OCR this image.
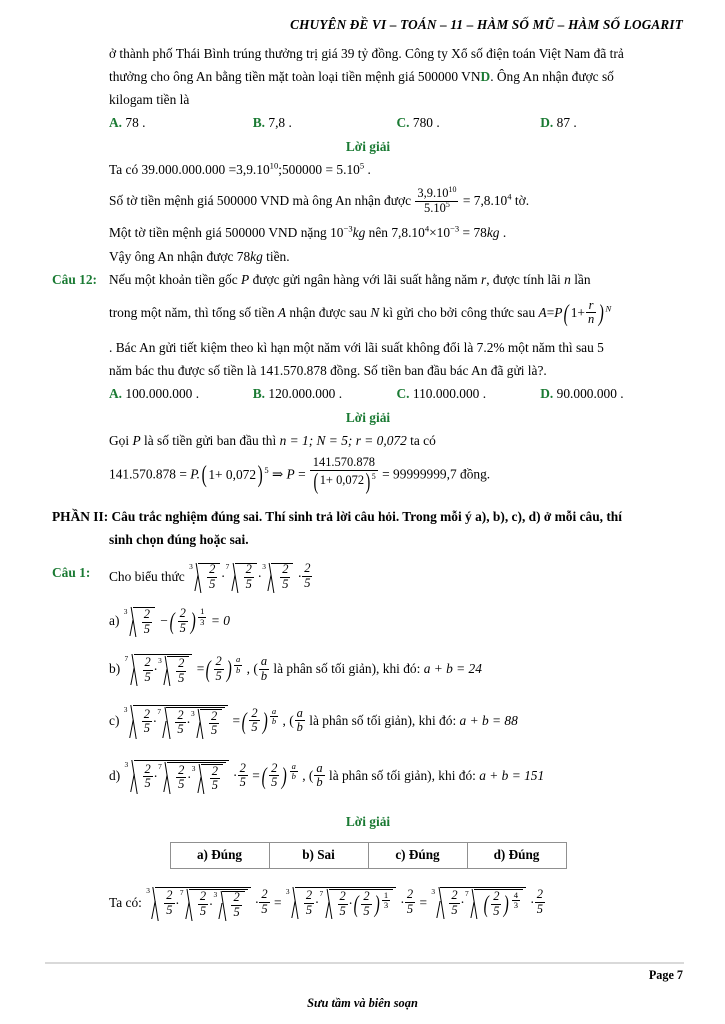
CHUYÊN ĐỀ VI – TOÁN – 11 – HÀM SỐ MŨ – HÀM SỐ LOGARIT
ở thành phố Thái Bình trúng thưởng trị giá 39 tỷ đồng. Công ty Xổ số điện toán Việt Nam đã trả
thưởng cho ông An bằng tiền mặt toàn loại tiền mệnh giá 500000 VND. Ông An nhận được số
kilogam tiền là
A. 78 .	B. 7,8 .	C. 780 .	D. 87 .
Lời giải
Ta có $39.000.000.000 =3,9.10^{10};500000 = 5.10^5$ .
Số tờ tiền mệnh giá 500000 VND mà ông An nhận được $\frac{3,9.10^{10}}{5.10^5} = 7,8.10^4$ tờ.
Một tờ tiền mệnh giá 500000 VND nặng $10^{-3}kg$ nên $7,8.10^4\times 10^{-3} = 78kg$ .
Vậy ông An nhận được 78kg tiền.
Câu 12: Nếu một khoản tiền gốc P được gửi ngân hàng với lãi suất hằng năm r, được tính lãi n lần
trong một năm, thì tổng số tiền A nhận được sau N kì gửi cho bởi công thức sau A=P( $1+ \frac{r}{n}$ ) $^N$
. Bác An gửi tiết kiệm theo kì hạn một năm với lãi suất không đổi là 7.2% một năm thì sau 5
năm bác thu được số tiền là 141.570.878 đồng. Số tiền ban đầu bác An đã gửi là?.
A. 100.000.000 .	B. 120.000.000 .	C. 110.000.000 .	D. 90.000.000 .
Lời giải
Gọi P là số tiền gửi ban đầu thì n = 1; N = 5; r = 0,072 ta có
141.570.878 = P.( 1+ 0,072) $^5$ ⇒ $P = \frac{141.570.878}{(1+ 0,072)^5} = 99999999,7$ đồng.
PHẦN II: Câu trắc nghiệm đúng sai. Thí sinh trả lời câu hỏi. Trong mỗi ý a), b), c), d) ở mỗi câu, thí
sinh chọn đúng hoặc sai.
Câu 1: Cho biểu thức
$3 \frac{2}{5}$ ·
$7 \frac{2}{5}$ ·
$3 \frac{2}{5} \cdot \frac{2}{5}$
a)
$3 \frac{2}{5}$ −( $\frac{2}{5}$ ) $^{\frac{1}{3}}$ = 0
b)
$7 \frac{2}{5}$ ·
$3 \frac{2}{5}$ =( $\frac{2}{5}$ ) $^{\frac{a}{b}}$ , ( $\frac{a}{b}$ là phân số tối giản), khi đó: a + b = 24
c)
$3 \frac{2}{5}$ ·
$7 \frac{2}{5}$ ·
$3 \frac{2}{5}$ =( $\frac{2}{5}$ ) $^{\frac{a}{b}}$ , ( $\frac{a}{b}$ là phân số tối giản), khi đó: a + b = 88
d)
$3 \frac{2}{5}$ ·
$7 \frac{2}{5}$ ·
$3 \frac{2}{5} \cdot \frac{2}{5}$ =( $\frac{2}{5}$ ) $^{\frac{a}{b}}$ , ( $\frac{a}{b}$ là phân số tối giản), khi đó: a + b = 151
Lời giải
a) Đúng	b) Sai	c) Đúng	d) Đúng
Ta có:
$3 \frac{2}{5}$ ·
$7 \frac{2}{5}$ ·
$3 \frac{2}{5} \cdot \frac{2}{5}$ =
$3 \frac{2}{5}$ ·
$7 \frac{2}{5}$ ·( $\frac{2}{5}$ ) $^{\frac{1}{3}} \cdot \frac{2}{5}$ =
$3 \frac{2}{5}$ ·
7 ( $\frac{2}{5}$ ) $^{\frac{4}{3}} \cdot \frac{2}{5}$
Page 7
Sưu tầm và biên soạn
